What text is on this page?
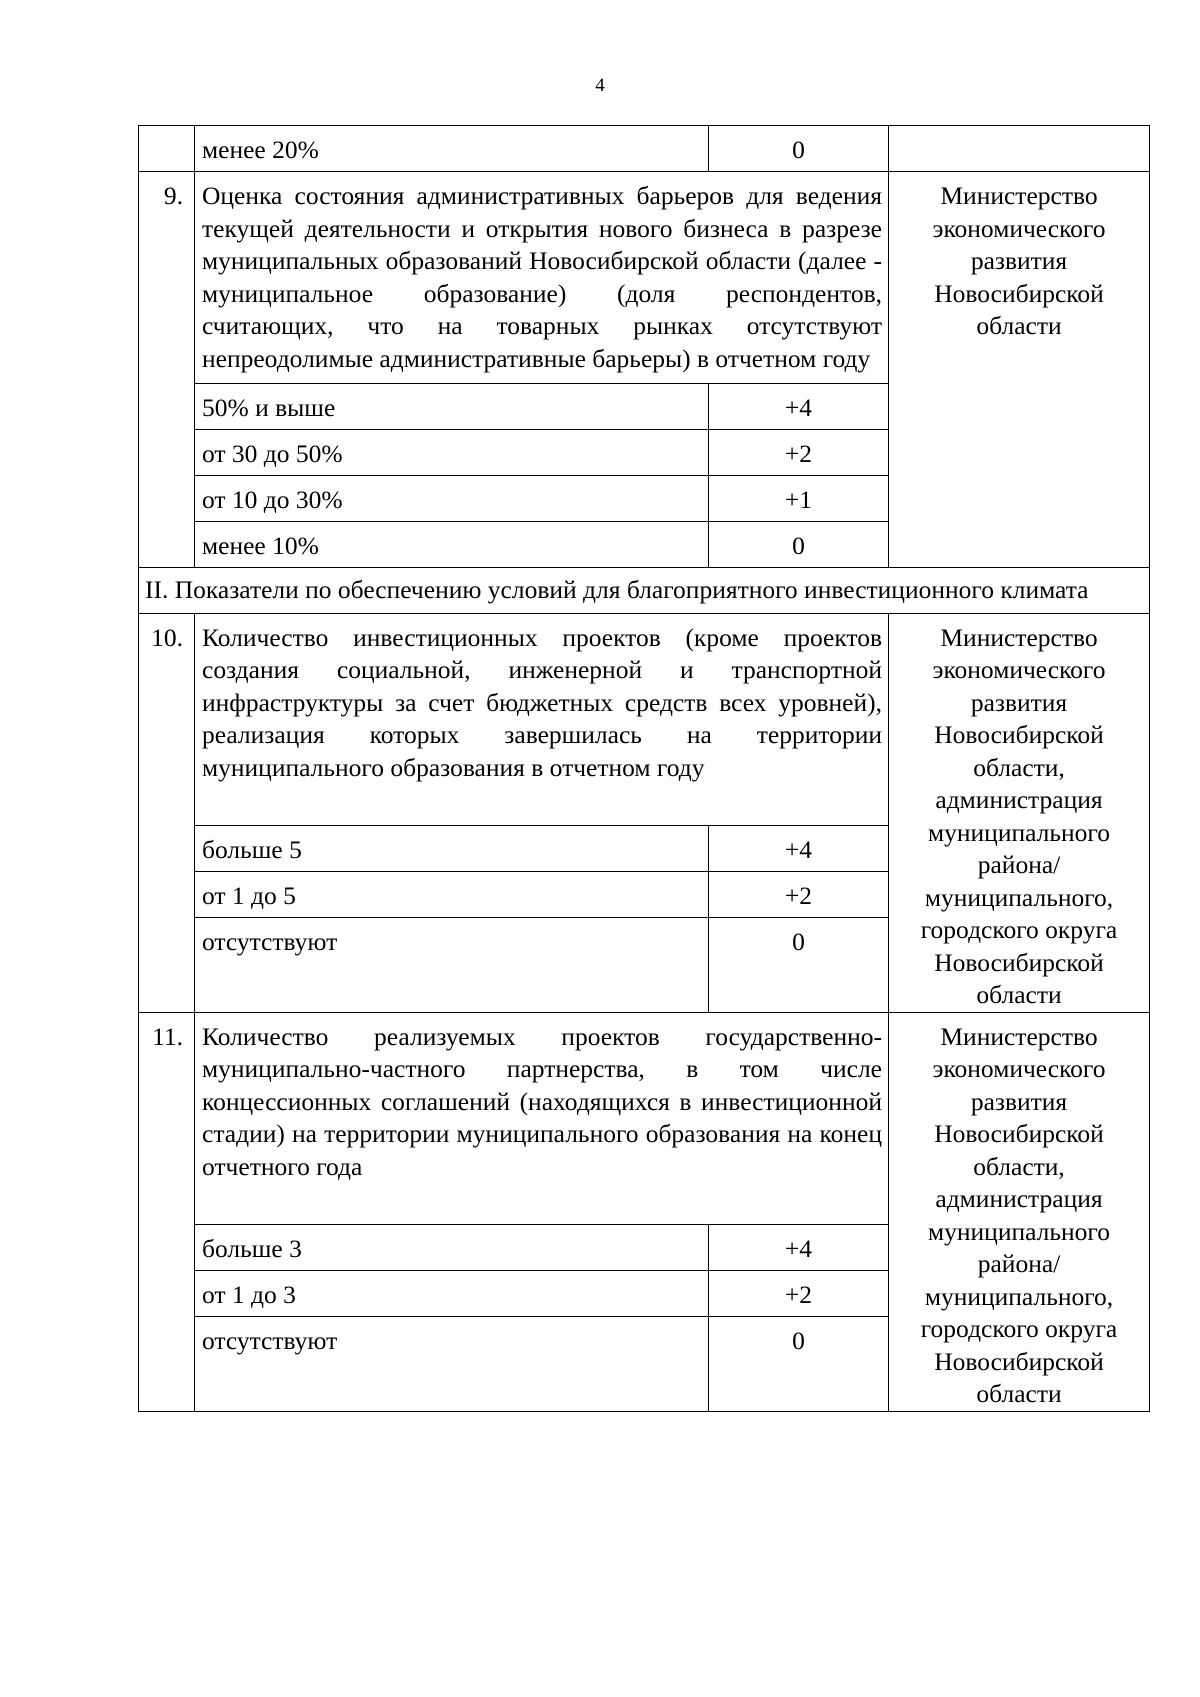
4
	менее 20%	0	
9.	Оценка состояния административных барьеров для ведения текущей деятельности и открытия нового бизнеса в разрезе муниципальных образований Новосибирской области (далее - муниципальное образование) (доля респондентов, считающих, что на товарных рынках отсутствуют непреодолимые административные барьеры) в отчетном году		Министерство экономического развития Новосибирской области
	50% и выше	+4	
	от 30 до 50%	+2	
	от 10 до 30%	+1	
	менее 10%	0	
II. Показатели по обеспечению условий для благоприятного инвестиционного климата			
10.	Количество инвестиционных проектов (кроме проектов создания социальной, инженерной и транспортной инфраструктуры за счет бюджетных средств всех уровней), реализация которых завершилась на территории муниципального образования в отчетном году		Министерство экономического развития Новосибирской области, администрация муниципального района/муниципального, городского округа Новосибирской области
	больше 5	+4	
	от 1 до 5	+2	
	отсутствуют	0	
11.	Количество реализуемых проектов государственно-муниципально-частного партнерства, в том числе концессионных соглашений (находящихся в инвестиционной стадии) на территории муниципального образования на конец отчетного года		Министерство экономического развития Новосибирской области, администрация муниципального района/муниципального, городского округа Новосибирской области
	больше 3	+4	
	от 1 до 3	+2	
	отсутствуют	0	
